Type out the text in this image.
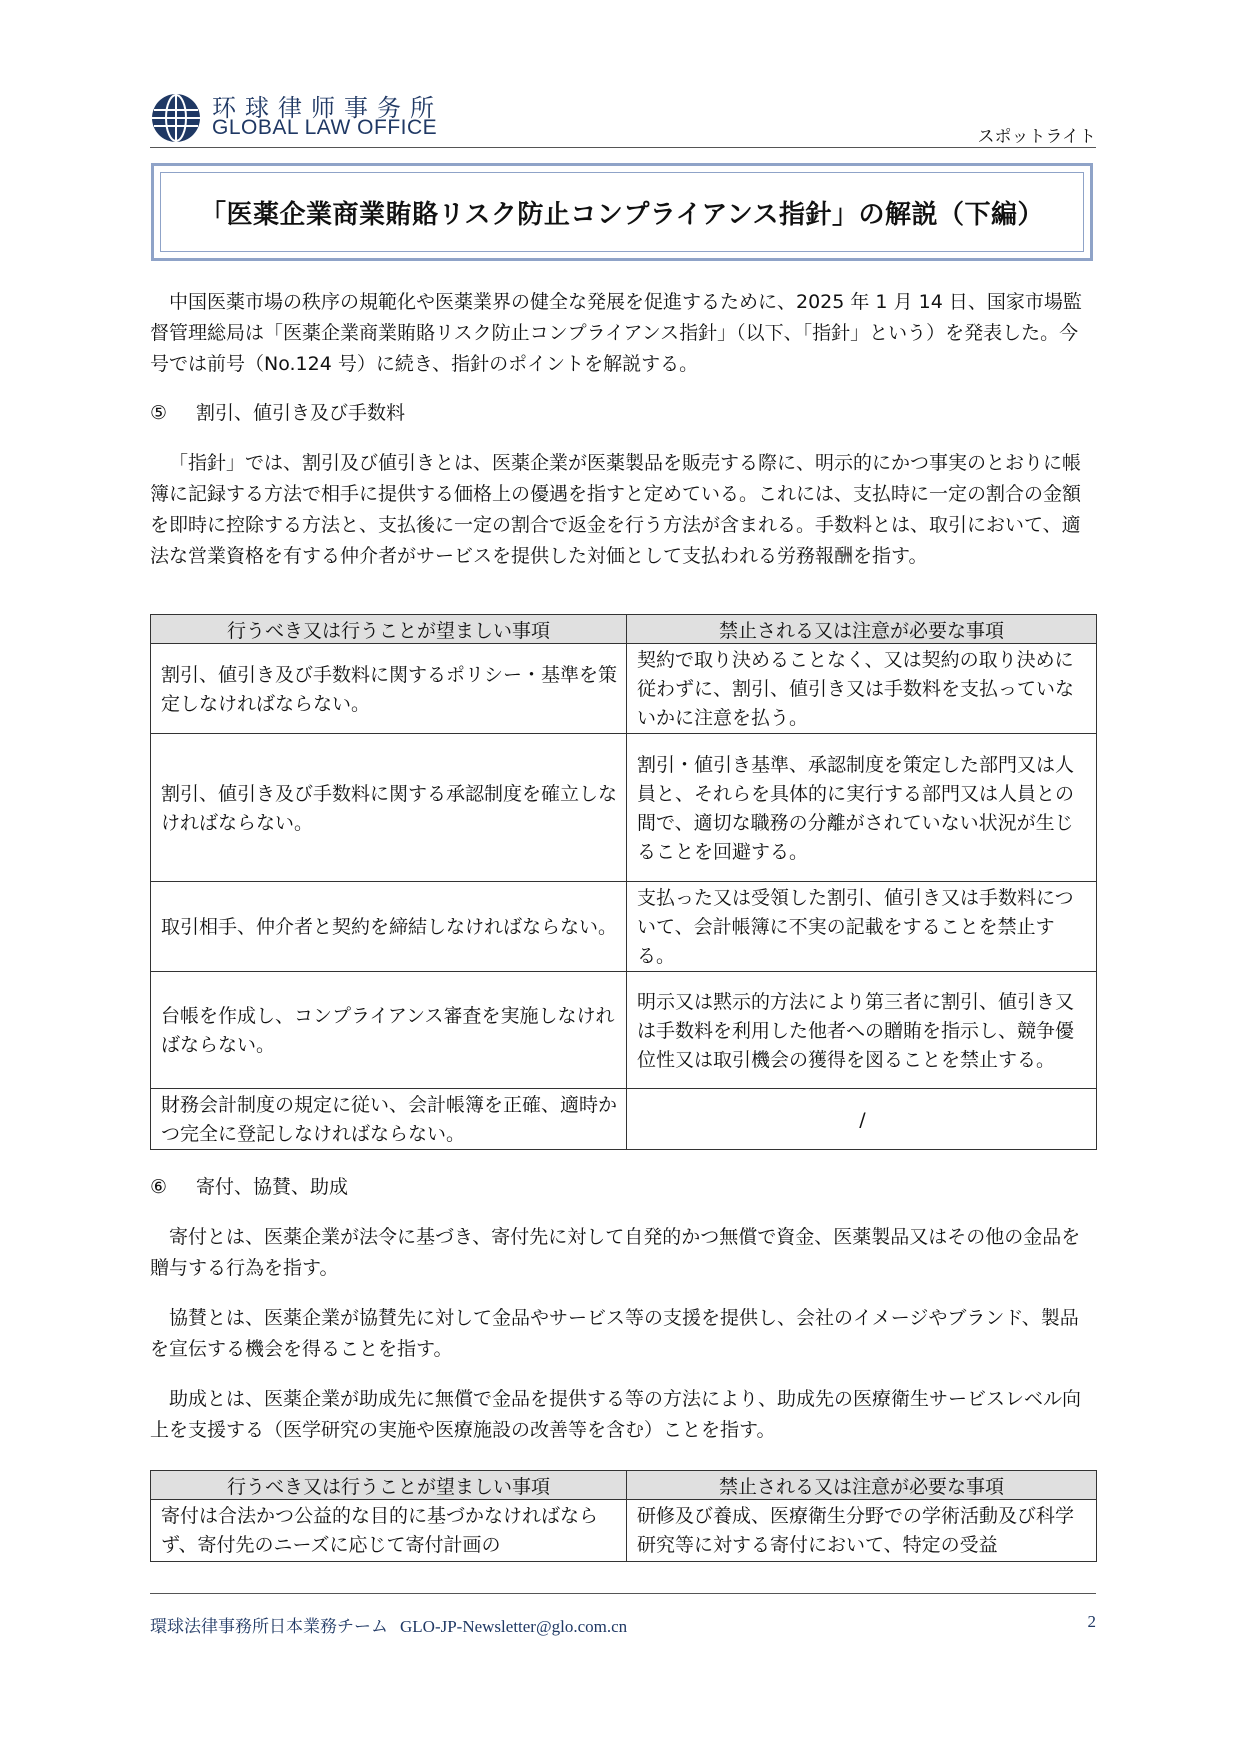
环球律师事务所
GLOBAL LAW OFFICE	スポットライト
「医薬企業商業賄賂リスク防止コンプライアンス指針」の解説（下編）

中国医薬市場の秩序の規範化や医薬業界の健全な発展を促進するために、2025 年 1 月 14 日、国家市場監督管理総局は「医薬企業商業賄賂リスク防止コンプライアンス指針」（以下、「指針」という）を発表した。今号では前号（No.124 号）に続き、指針のポイントを解説する。

⑤ 割引、値引き及び手数料

「指針」では、割引及び値引きとは、医薬企業が医薬製品を販売する際に、明示的にかつ事実のとおりに帳簿に記録する方法で相手に提供する価格上の優遇を指すと定めている。これには、支払時に一定の割合の金額を即時に控除する方法と、支払後に一定の割合で返金を行う方法が含まれる。手数料とは、取引において、適法な営業資格を有する仲介者がサービスを提供した対価として支払われる労務報酬を指す。

行うべき又は行うことが望ましい事項	禁止される又は注意が必要な事項
割引、値引き及び手数料に関するポリシー・基準を策定しなければならない。	契約で取り決めることなく、又は契約の取り決めに従わずに、割引、値引き又は手数料を支払っていないかに注意を払う。
割引、値引き及び手数料に関する承認制度を確立しなければならない。	割引・値引き基準、承認制度を策定した部門又は人員と、それらを具体的に実行する部門又は人員との間で、適切な職務の分離がされていない状況が生じることを回避する。
取引相手、仲介者と契約を締結しなければならない。	支払った又は受領した割引、値引き又は手数料について、会計帳簿に不実の記載をすることを禁止する。
台帳を作成し、コンプライアンス審査を実施しなければならない。	明示又は黙示的方法により第三者に割引、値引き又は手数料を利用した他者への贈賄を指示し、競争優位性又は取引機会の獲得を図ることを禁止する。
財務会計制度の規定に従い、会計帳簿を正確、適時かつ完全に登記しなければならない。	/
⑥ 寄付、協賛、助成

寄付とは、医薬企業が法令に基づき、寄付先に対して自発的かつ無償で資金、医薬製品又はその他の金品を贈与する行為を指す。

協賛とは、医薬企業が協賛先に対して金品やサービス等の支援を提供し、会社のイメージやブランド、製品を宣伝する機会を得ることを指す。

助成とは、医薬企業が助成先に無償で金品を提供する等の方法により、助成先の医療衛生サービスレベル向上を支援する（医学研究の実施や医療施設の改善等を含む）ことを指す。

行うべき又は行うことが望ましい事項	禁止される又は注意が必要な事項
寄付は合法かつ公益的な目的に基づかなければならず、寄付先のニーズに応じて寄付計画の	研修及び養成、医療衛生分野での学術活動及び科学研究等に対する寄付において、特定の受益
環球法律事務所日本業務チーム GLO-JP-Newsletter@glo.com.cn	2
